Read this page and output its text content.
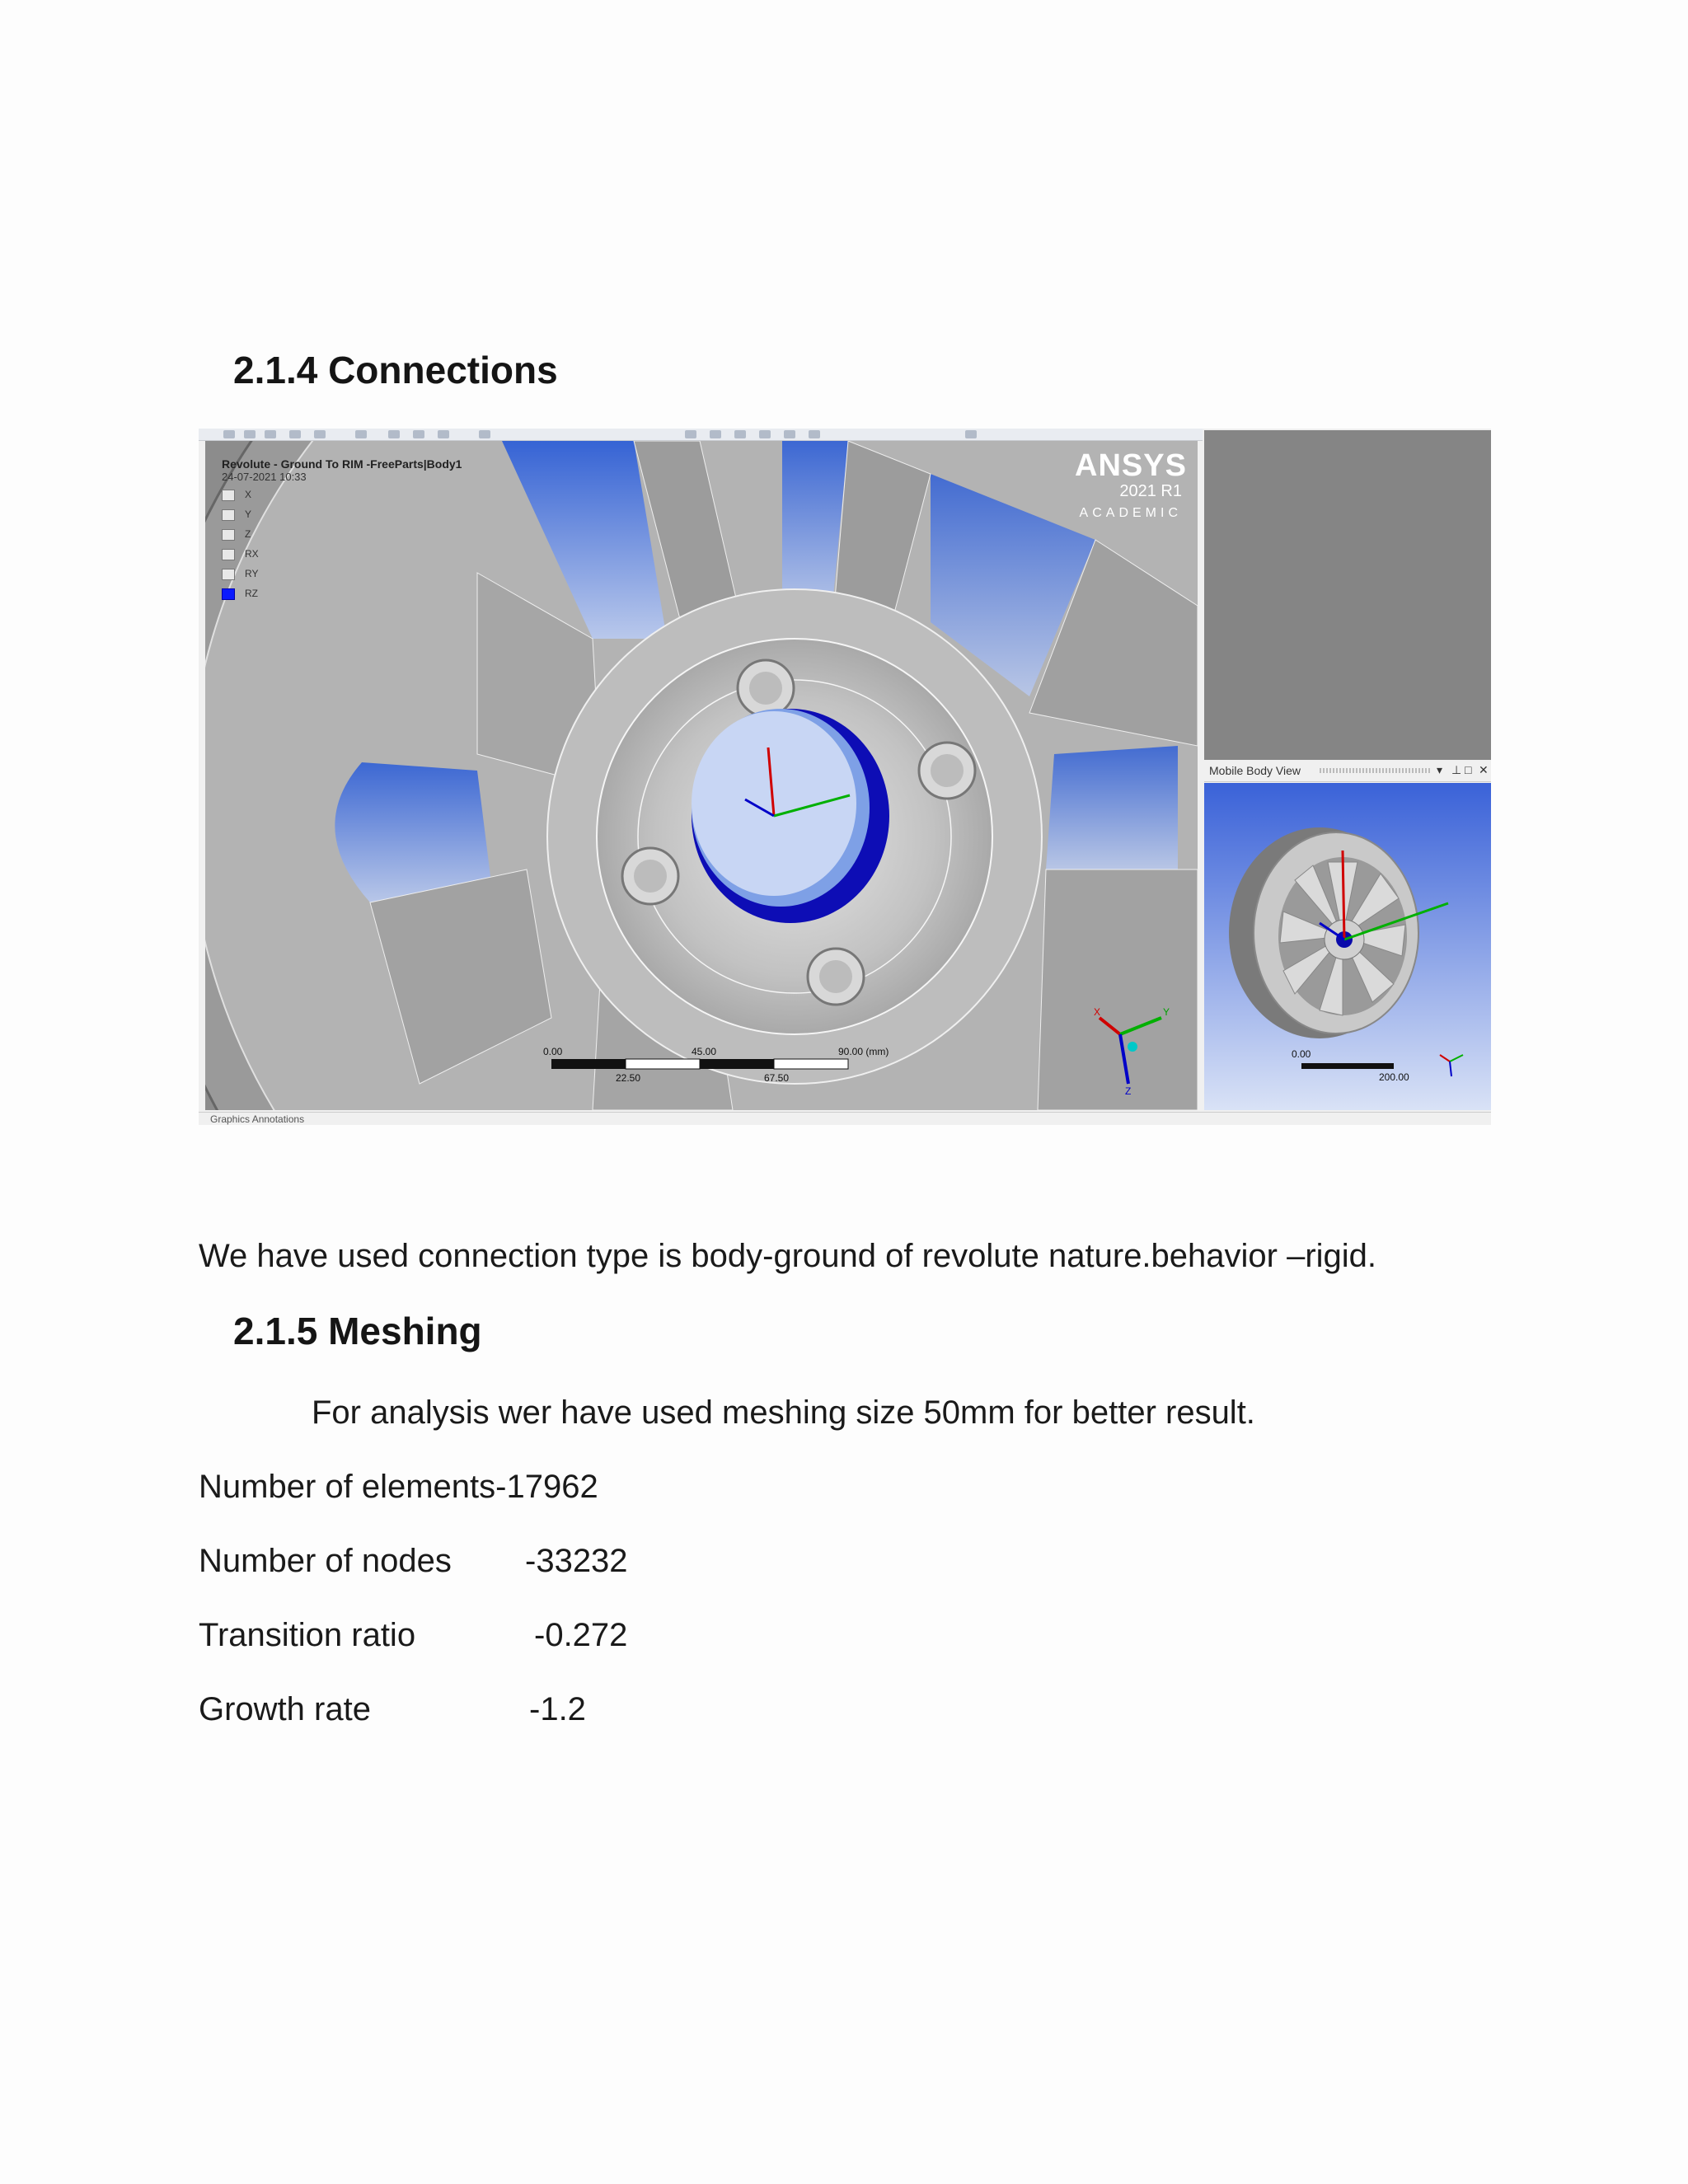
2.1.4 Connections
Revolute - Ground To RIM -FreeParts|Body1
24-07-2021 10:33
X
Y
Z
RX
RY
RZ
ANSYS
2021 R1
ACADEMIC
0.00	45.00	90.00 (mm)
22.50	67.50
X	Y
Z
Mobile Body View	▾ ⊥ □ ✕
0.00
200.00
Graphics Annotations
We have used connection type is body-ground of revolute nature.behavior –rigid.
2.1.5 Meshing
For analysis wer have used meshing size 50mm for better result.
Number of elements-17962
Number of nodes -33232
Transition ratio	-0.272
Growth rate	-1.2
